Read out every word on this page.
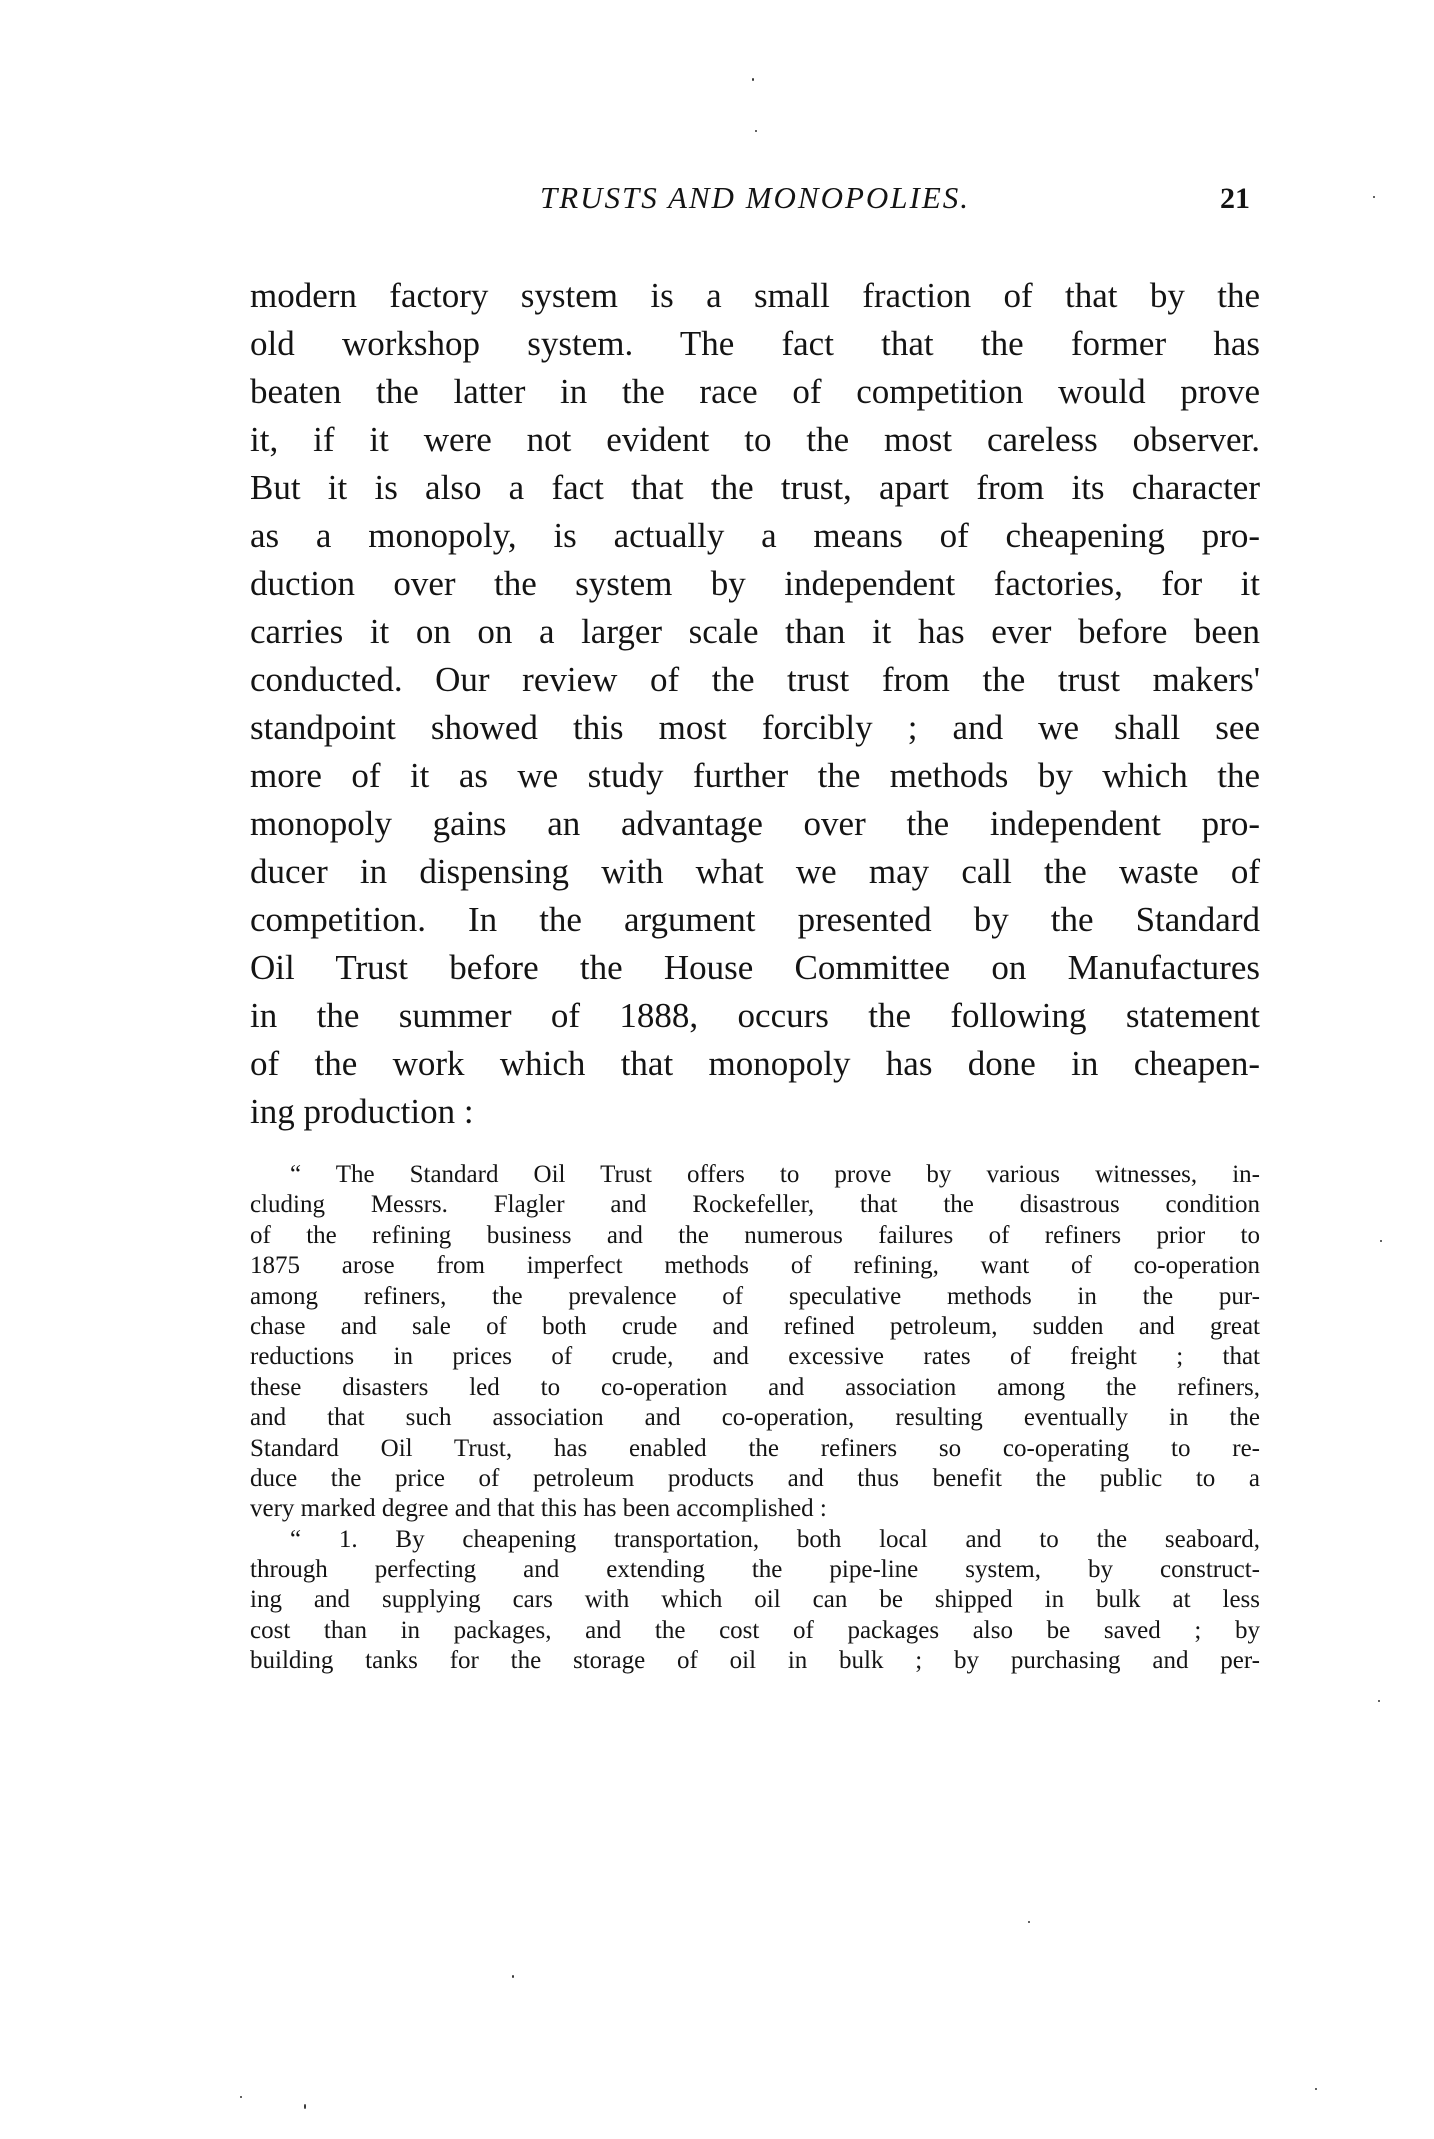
TRUSTS AND MONOPOLIES.	21
modern factory system is a small fraction of that by the
old workshop system. The fact that the former has
beaten the latter in the race of competition would prove
it, if it were not evident to the most careless observer.
But it is also a fact that the trust, apart from its character
as a monopoly, is actually a means of cheapening pro-
duction over the system by independent factories, for it
carries it on on a larger scale than it has ever before been
conducted. Our review of the trust from the trust makers'
standpoint showed this most forcibly ; and we shall see
more of it as we study further the methods by which the
monopoly gains an advantage over the independent pro-
ducer in dispensing with what we may call the waste of
competition. In the argument presented by the Standard
Oil Trust before the House Committee on Manufactures
in the summer of 1888, occurs the following statement
of the work which that monopoly has done in cheapen-
ing production :
“ The Standard Oil Trust offers to prove by various witnesses, in-
cluding Messrs. Flagler and Rockefeller, that the disastrous condition
of the refining business and the numerous failures of refiners prior to
1875 arose from imperfect methods of refining, want of co-operation
among refiners, the prevalence of speculative methods in the pur-
chase and sale of both crude and refined petroleum, sudden and great
reductions in prices of crude, and excessive rates of freight ; that
these disasters led to co-operation and association among the refiners,
and that such association and co-operation, resulting eventually in the
Standard Oil Trust, has enabled the refiners so co-operating to re-
duce the price of petroleum products and thus benefit the public to a
very marked degree and that this has been accomplished :
“ 1. By cheapening transportation, both local and to the seaboard,
through perfecting and extending the pipe-line system, by construct-
ing and supplying cars with which oil can be shipped in bulk at less
cost than in packages, and the cost of packages also be saved ; by
building tanks for the storage of oil in bulk ; by purchasing and per-
